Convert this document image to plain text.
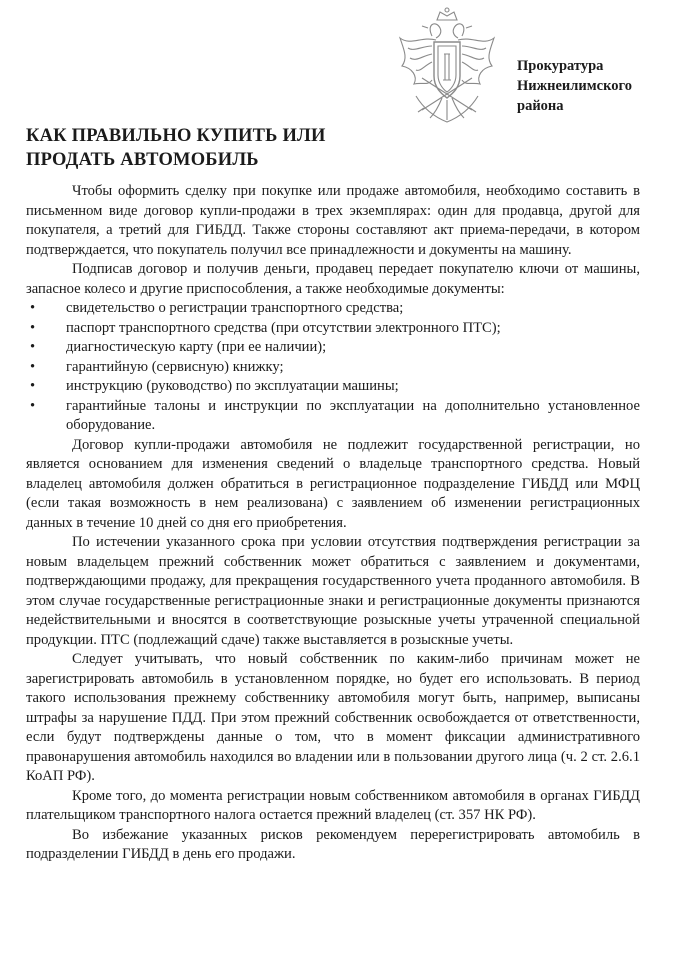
Прокуратура
Нижнеилимского
района
КАК ПРАВИЛЬНО КУПИТЬ ИЛИ
ПРОДАТЬ АВТОМОБИЛЬ

Чтобы оформить сделку при покупке или продаже автомобиля, необходимо составить в письменном виде договор купли-продажи в трех экземплярах: один для продавца, другой для покупателя, а третий для ГИБДД. Также стороны составляют акт приема-передачи, в котором подтверждается, что покупатель получил все принадлежности и документы на машину.

Подписав договор и получив деньги, продавец передает покупателю ключи от машины, запасное колесо и другие приспособления, а также необходимые документы:

• свидетельство о регистрации транспортного средства;
• паспорт транспортного средства (при отсутствии электронного ПТС);
• диагностическую карту (при ее наличии);
• гарантийную (сервисную) книжку;
• инструкцию (руководство) по эксплуатации машины;
• гарантийные талоны и инструкции по эксплуатации на дополнительно установленное оборудование.

Договор купли-продажи автомобиля не подлежит государственной регистрации, но является основанием для изменения сведений о владельце транспортного средства. Новый владелец автомобиля должен обратиться в регистрационное подразделение ГИБДД или МФЦ (если такая возможность в нем реализована) с заявлением об изменении регистрационных данных в течение 10 дней со дня его приобретения.

По истечении указанного срока при условии отсутствия подтверждения регистрации за новым владельцем прежний собственник может обратиться с заявлением и документами, подтверждающими продажу, для прекращения государственного учета проданного автомобиля. В этом случае государственные регистрационные знаки и регистрационные документы признаются недействительными и вносятся в соответствующие розыскные учеты утраченной специальной продукции. ПТС (подлежащий сдаче) также выставляется в розыскные учеты.

Следует учитывать, что новый собственник по каким-либо причинам может не зарегистрировать автомобиль в установленном порядке, но будет его использовать. В период такого использования прежнему собственнику автомобиля могут быть, например, выписаны штрафы за нарушение ПДД. При этом прежний собственник освобождается от ответственности, если будут подтверждены данные о том, что в момент фиксации административного правонарушения автомобиль находился во владении или в пользовании другого лица (ч. 2 ст. 2.6.1 КоАП РФ).

Кроме того, до момента регистрации новым собственником автомобиля в органах ГИБДД плательщиком транспортного налога остается прежний владелец (ст. 357 НК РФ).

Во избежание указанных рисков рекомендуем перерегистрировать автомобиль в подразделении ГИБДД в день его продажи.
